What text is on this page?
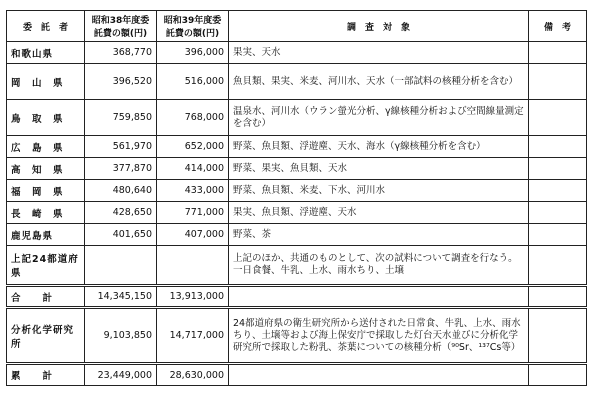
委　託　者	昭和38年度委託費の額(円)	昭和39年度委託費の額(円)	調　査　対　象	備　考
和歌山県	368,770	396,000	果実、天水	
岡　山　県	396,520	516,000	魚貝類、果実、米麦、河川水、天水（一部試料の核種分析を含む）	
鳥　取　県	759,850	768,000	温泉水、河川水（ウラン螢光分析、γ線核種分析および空間線量測定を含む）	
広　島　県	561,970	652,000	野菜、魚貝類、浮遊塵、天水、海水（γ線核種分析を含む）	
高　知　県	377,870	414,000	野菜、果実、魚貝類、天水	
福　岡　県	480,640	433,000	野菜、魚貝類、米麦、下水、河川水	
長　崎　県	428,650	771,000	果実、魚貝類、浮遊塵、天水	
鹿児島県	401,650	407,000	野菜、茶	
上記24都道府県			上記のほか、共通のものとして、次の試料について調査を行なう。一日食餐、牛乳、上水、雨水ちり、土壌	
合　　計	14,345,150	13,913,000		
分析化学研究所	9,103,850	14,717,000	24都道府県の衛生研究所から送付された日常食、牛乳、上水、雨水ちり、土壌等および海上保安庁で採取した灯台天水並びに分析化学研究所で採取した粉乳、茶葉についての核種分析（⁹⁰Sr、¹³⁷Cs等）	
累　　計	23,449,000	28,630,000		
